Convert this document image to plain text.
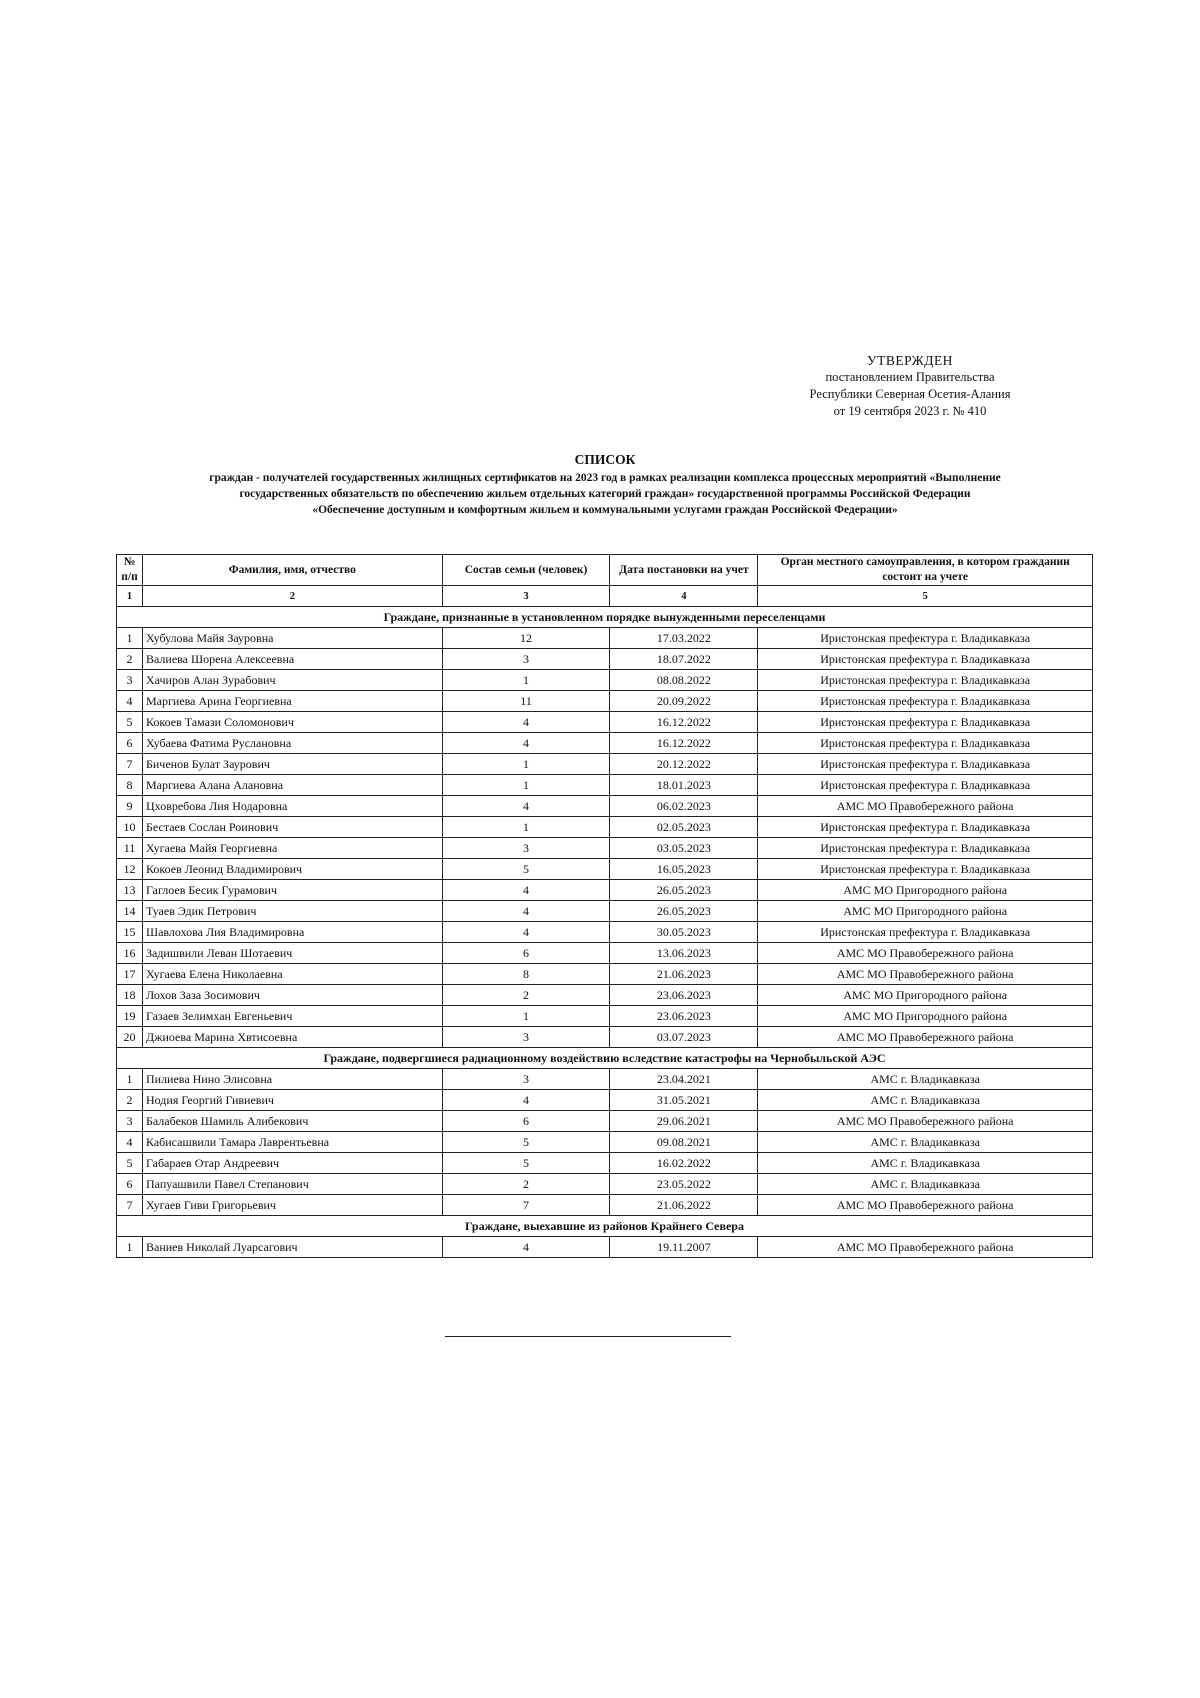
УТВЕРЖДЕН
постановлением Правительства
Республики Северная Осетия-Алания
от 19 сентября 2023 г. № 410
СПИСОК
граждан - получателей государственных жилищных сертификатов на 2023 год в рамках реализации комплекса процессных мероприятий «Выполнение
государственных обязательств по обеспечению жильем отдельных категорий граждан» государственной программы Российской Федерации
«Обеспечение доступным и комфортным жильем и коммунальными услугами граждан Российской Федерации»
№ п/п	Фамилия, имя, отчество	Состав семьи (человек)	Дата постановки на учет	Орган местного самоуправления, в котором гражданин состоит на учете
1	2	3	4	5
Граждане, признанные в установленном порядке вынужденными переселенцами				
1	Хубулова Майя Зауровна	12	17.03.2022	Иристонская префектура г. Владикавказа
2	Валиева Шорена Алексеевна	3	18.07.2022	Иристонская префектура г. Владикавказа
3	Хачиров Алан Зурабович	1	08.08.2022	Иристонская префектура г. Владикавказа
4	Маргиева Арина Георгиевна	11	20.09.2022	Иристонская префектура г. Владикавказа
5	Кокоев Тамази Соломонович	4	16.12.2022	Иристонская префектура г. Владикавказа
6	Хубаева Фатима Руслановна	4	16.12.2022	Иристонская префектура г. Владикавказа
7	Биченов Булат Заурович	1	20.12.2022	Иристонская префектура г. Владикавказа
8	Маргиева Алана Алановна	1	18.01.2023	Иристонская префектура г. Владикавказа
9	Цховребова Лия Нодаровна	4	06.02.2023	АМС МО Правобережного района
10	Бестаев Сослан Роинович	1	02.05.2023	Иристонская префектура г. Владикавказа
11	Хугаева Майя Георгиевна	3	03.05.2023	Иристонская префектура г. Владикавказа
12	Кокоев Леонид Владимирович	5	16.05.2023	Иристонская префектура г. Владикавказа
13	Гаглоев Бесик Гурамович	4	26.05.2023	АМС МО Пригородного района
14	Туаев Эдик Петрович	4	26.05.2023	АМС МО Пригородного района
15	Шавлохова Лия Владимировна	4	30.05.2023	Иристонская префектура г. Владикавказа
16	Задишвили Леван Шотаевич	6	13.06.2023	АМС МО Правобережного района
17	Хугаева Елена Николаевна	8	21.06.2023	АМС МО Правобережного района
18	Лохов Заза Зосимович	2	23.06.2023	АМС МО Пригородного района
19	Газаев Зелимхан Евгеньевич	1	23.06.2023	АМС МО Пригородного района
20	Джиоева Марина Хвтисоевна	3	03.07.2023	АМС МО Правобережного района
Граждане, подвергшиеся радиационному воздействию вследствие катастрофы на Чернобыльской АЭС				
1	Пилиева Нино Элисовна	3	23.04.2021	АМС г. Владикавказа
2	Нодия Георгий Гивиевич	4	31.05.2021	АМС г. Владикавказа
3	Балабеков Шамиль Алибекович	6	29.06.2021	АМС МО Правобережного района
4	Кабисашвили Тамара Лаврентьевна	5	09.08.2021	АМС г. Владикавказа
5	Габараев Отар Андреевич	5	16.02.2022	АМС г. Владикавказа
6	Папуашвили Павел Степанович	2	23.05.2022	АМС г. Владикавказа
7	Хугаев Гиви Григорьевич	7	21.06.2022	АМС МО Правобережного района
Граждане, выехавшие из районов Крайнего Севера				
1	Ваниев Николай Луарсагович	4	19.11.2007	АМС МО Правобережного района
